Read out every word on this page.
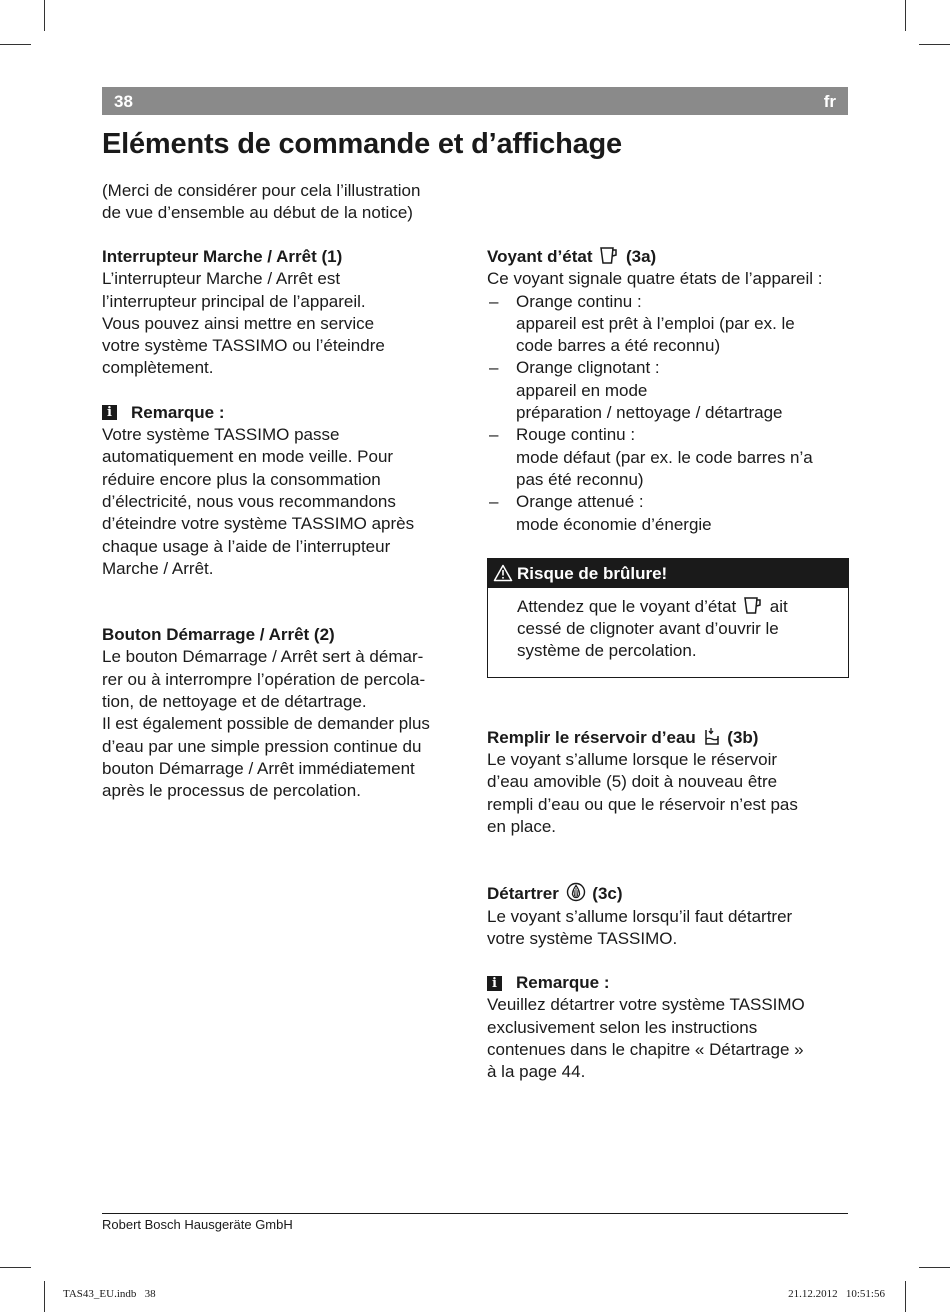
38	fr
Eléments de commande et d’affichage
(Merci de considérer pour cela l’illustration
de vue d’ensemble au début de la notice)
Interrupteur Marche / Arrêt (1)
L’interrupteur Marche / Arrêt est
l’interrupteur principal de l’appareil.
Vous pouvez ainsi mettre en service
votre système TASSIMO ou l’éteindre
complètement.
i Remarque :
Votre système TASSIMO passe
automatiquement en mode veille. Pour
réduire encore plus la consommation
d’électricité, nous vous recommandons
d’éteindre votre système TASSIMO après
chaque usage à l’aide de l’interrupteur
Marche / Arrêt.
Bouton Démarrage / Arrêt (2)
Le bouton Démarrage / Arrêt sert à démar-
rer ou à interrompre l’opération de percola-
tion, de nettoyage et de détartrage.
Il est également possible de demander plus
d’eau par une simple pression continue du
bouton Démarrage / Arrêt immédiatement
après le processus de percolation.
Voyant d’état (3a)
Ce voyant signale quatre états de l’appareil :
– Orange continu :
appareil est prêt à l’emploi (par ex. le
code barres a été reconnu)
– Orange clignotant :
appareil en mode
préparation / nettoyage / détartrage
– Rouge continu :
mode défaut (par ex. le code barres n’a
pas été reconnu)
– Orange attenué :
mode économie d’énergie
Risque de brûlure!
Attendez que le voyant d’état ait
cessé de clignoter avant d’ouvrir le
système de percolation.
Remplir le réservoir d’eau (3b)
Le voyant s’allume lorsque le réservoir
d’eau amovible (5) doit à nouveau être
rempli d’eau ou que le réservoir n’est pas
en place.
Détartrer (3c)
Le voyant s’allume lorsqu’il faut détartrer
votre système TASSIMO.
i Remarque :
Veuillez détartrer votre système TASSIMO
exclusivement selon les instructions
contenues dans le chapitre « Détartrage »
à la page 44.
Robert Bosch Hausgeräte GmbH
TAS43_EU.indb   38	21.12.2012   10:51:56
